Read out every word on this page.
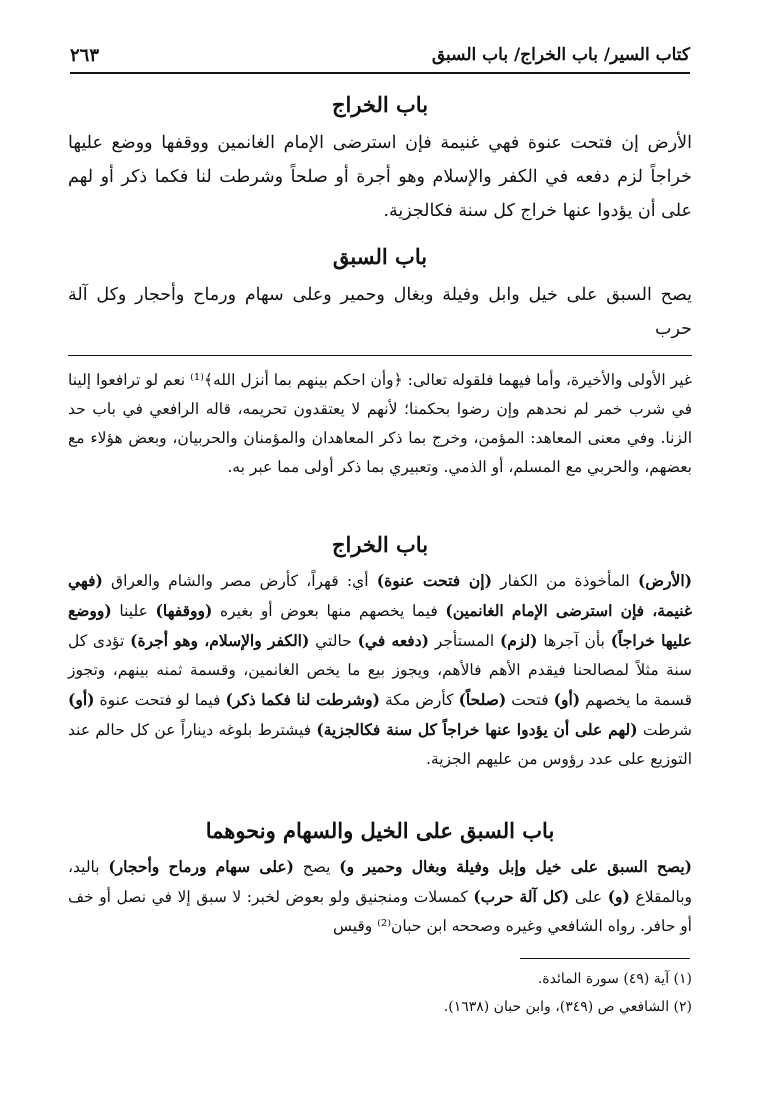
كتاب السير/ باب الخراج/ باب السبق
٢٦٣
باب الخراج

الأرض إن فتحت عنوة فهي غنيمة فإن استرضى الإمام الغانمين ووقفها ووضع عليها خراجاً لزم دفعه في الكفر والإسلام وهو أجرة أو صلحاً وشرطت لنا فكما ذكر أو لهم على أن يؤدوا عنها خراج كل سنة فكالجزية.

باب السبق

يصح السبق على خيل وابل وفيلة وبغال وحمير وعلى سهام ورماح وأحجار وكل آلة حرب

غير الأولى والأخيرة، وأما فيهما فلقوله تعالى: ﴿وأن احكم بينهم بما أنزل الله﴾⁽¹⁾ نعم لو ترافعوا إلينا في شرب خمر لم نحدهم وإن رضوا بحكمنا؛ لأنهم لا يعتقدون تحريمه، قاله الرافعي في باب حد الزنا. وفي معنى المعاهد: المؤمن، وخرج بما ذكر المعاهدان والمؤمنان والحربيان، وبعض هؤلاء مع بعضهم، والحربي مع المسلم، أو الذمي. وتعبيري بما ذكر أولى مما عبر به.

باب الخراج

(الأرض) المأخوذة من الكفار (إن فتحت عنوة) أي: قهراً، كأرض مصر والشام والعراق (فهي غنيمة، فإن استرضى الإمام الغانمين) فيما يخصهم منها بعوض أو بغيره (ووقفها) علينا (ووضع عليها خراجاً) بأن آجرها (لزم) المستأجر (دفعه في) حالتي (الكفر والإسلام، وهو أجرة) تؤدى كل سنة مثلاً لمصالحنا فيقدم الأهم فالأهم، ويجوز بيع ما يخص الغانمين، وقسمة ثمنه بينهم، وتجوز قسمة ما يخصهم (أو) فتحت (صلحاً) كأرض مكة (وشرطت لنا فكما ذكر) فيما لو فتحت عنوة (أو) شرطت (لهم على أن يؤدوا عنها خراجاً كل سنة فكالجزية) فيشترط بلوغه ديناراً عن كل حالم عند التوزيع على عدد رؤوس من عليهم الجزية.

باب السبق على الخيل والسهام ونحوهما

(يصح السبق على خيل وإبل وفيلة وبغال وحمير و) يصح (على سهام ورماح وأحجار) باليد، وبالمقلاع (و) على (كل آلة حرب) كمسلات ومنجنيق ولو بعوض لخبر: لا سبق إلا في نصل أو خف أو حافر. رواه الشافعي وغيره وصححه ابن حبان⁽²⁾ وقيس

(١) آية (٤٩) سورة المائدة.
(٢) الشافعي ص (٣٤٩)، وابن حبان (١٦٣٨).
